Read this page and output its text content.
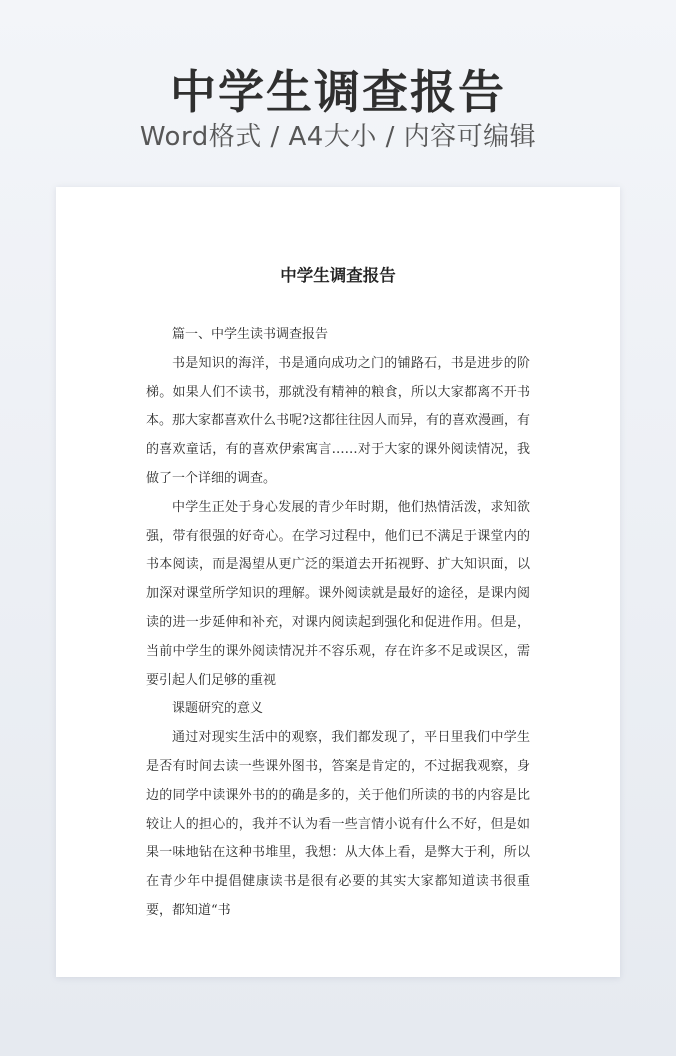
中学生调查报告
Word格式 / A4大小 / 内容可编辑
中学生调查报告

篇一、中学生读书调查报告

书是知识的海洋，书是通向成功之门的铺路石，书是进步的阶梯。如果人们不读书，那就没有精神的粮食，所以大家都离不开书本。那大家都喜欢什么书呢?这都往往因人而异，有的喜欢漫画，有的喜欢童话，有的喜欢伊索寓言……对于大家的课外阅读情况，我做了一个详细的调查。

中学生正处于身心发展的青少年时期，他们热情活泼，求知欲强，带有很强的好奇心。在学习过程中，他们已不满足于课堂内的书本阅读，而是渴望从更广泛的渠道去开拓视野、扩大知识面，以加深对课堂所学知识的理解。课外阅读就是最好的途径，是课内阅读的进一步延伸和补充，对课内阅读起到强化和促进作用。但是，当前中学生的课外阅读情况并不容乐观，存在许多不足或误区，需要引起人们足够的重视

课题研究的意义

通过对现实生活中的观察，我们都发现了，平日里我们中学生是否有时间去读一些课外图书，答案是肯定的，不过据我观察，身边的同学中读课外书的的确是多的，关于他们所读的书的内容是比较让人的担心的，我并不认为看一些言情小说有什么不好，但是如果一味地钻在这种书堆里，我想：从大体上看，是弊大于利，所以在青少年中提倡健康读书是很有必要的其实大家都知道读书很重要，都知道“书
